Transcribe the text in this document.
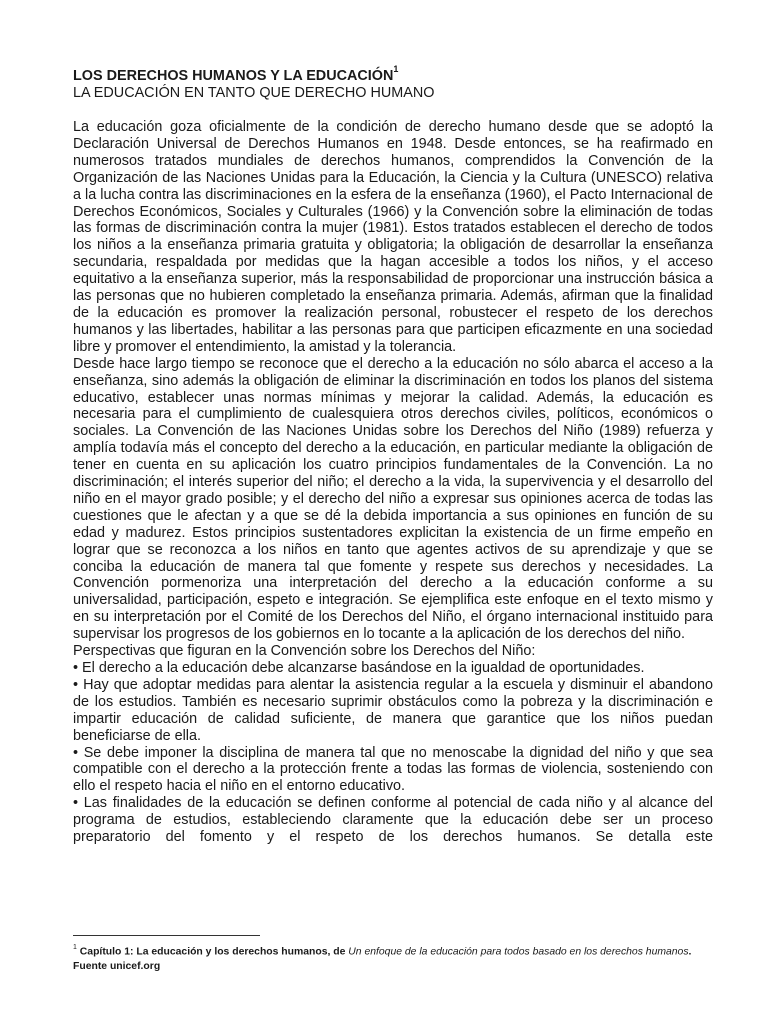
LOS DERECHOS HUMANOS Y LA EDUCACIÓN$^1$

LA EDUCACIÓN EN TANTO QUE DERECHO HUMANO

La educación goza oficialmente de la condición de derecho humano desde que se adoptó la Declaración Universal de Derechos Humanos en 1948. Desde entonces, se ha reafirmado en numerosos tratados mundiales de derechos humanos, comprendidos la Convención de la Organización de las Naciones Unidas para la Educación, la Ciencia y la Cultura (UNESCO) relativa a la lucha contra las discriminaciones en la esfera de la enseñanza (1960), el Pacto Internacional de Derechos Económicos, Sociales y Culturales (1966) y la Convención sobre la eliminación de todas las formas de discriminación contra la mujer (1981). Estos tratados establecen el derecho de todos los niños a la enseñanza primaria gratuita y obligatoria; la obligación de desarrollar la enseñanza secundaria, respaldada por medidas que la hagan accesible a todos los niños, y el acceso equitativo a la enseñanza superior, más la responsabilidad de proporcionar una instrucción básica a las personas que no hubieren completado la enseñanza primaria. Además, afirman que la finalidad de la educación es promover la realización personal, robustecer el respeto de los derechos humanos y las libertades, habilitar a las personas para que participen eficazmente en una sociedad libre y promover el entendimiento, la amistad y la tolerancia.

Desde hace largo tiempo se reconoce que el derecho a la educación no sólo abarca el acceso a la enseñanza, sino además la obligación de eliminar la discriminación en todos los planos del sistema educativo, establecer unas normas mínimas y mejorar la calidad. Además, la educación es necesaria para el cumplimiento de cualesquiera otros derechos civiles, políticos, económicos o sociales. La Convención de las Naciones Unidas sobre los Derechos del Niño (1989) refuerza y amplía todavía más el concepto del derecho a la educación, en particular mediante la obligación de tener en cuenta en su aplicación los cuatro principios fundamentales de la Convención. La no discriminación; el interés superior del niño; el derecho a la vida, la supervivencia y el desarrollo del niño en el mayor grado posible; y el derecho del niño a expresar sus opiniones acerca de todas las cuestiones que le afectan y a que se dé la debida importancia a sus opiniones en función de su edad y madurez. Estos principios sustentadores explicitan la existencia de un firme empeño en lograr que se reconozca a los niños en tanto que agentes activos de su aprendizaje y que se conciba la educación de manera tal que fomente y respete sus derechos y necesidades. La Convención pormenoriza una interpretación del derecho a la educación conforme a su universalidad, participación, espeto e integración. Se ejemplifica este enfoque en el texto mismo y en su interpretación por el Comité de los Derechos del Niño, el órgano internacional instituido para supervisar los progresos de los gobiernos en lo tocante a la aplicación de los derechos del niño.

Perspectivas que figuran en la Convención sobre los Derechos del Niño:

• El derecho a la educación debe alcanzarse basándose en la igualdad de oportunidades.

• Hay que adoptar medidas para alentar la asistencia regular a la escuela y disminuir el abandono de los estudios. También es necesario suprimir obstáculos como la pobreza y la discriminación e impartir educación de calidad suficiente, de manera que garantice que los niños puedan beneficiarse de ella.

• Se debe imponer la disciplina de manera tal que no menoscabe la dignidad del niño y que sea compatible con el derecho a la protección frente a todas las formas de violencia, sosteniendo con ello el respeto hacia el niño en el entorno educativo.

• Las finalidades de la educación se definen conforme al potencial de cada niño y al alcance del programa de estudios, estableciendo claramente que la educación debe ser un proceso preparatorio del fomento y el respeto de los derechos humanos. Se detalla este

$^1$ Capítulo 1: La educación y los derechos humanos, de Un enfoque de la educación para todos basado en los derechos humanos. Fuente unicef.org
